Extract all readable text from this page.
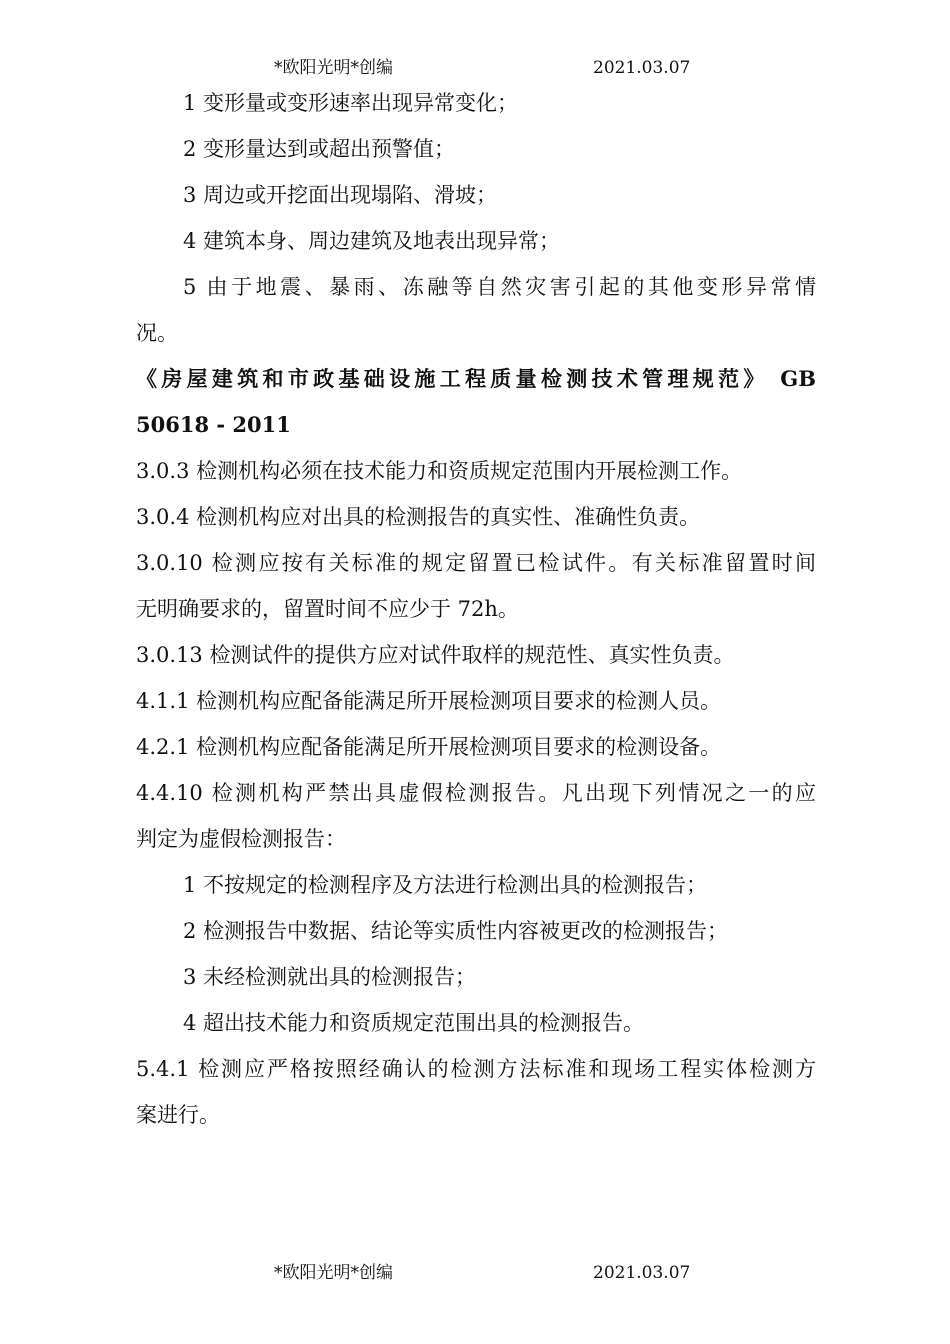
*欧阳光明*创编	2021.03.07
1 变形量或变形速率出现异常变化；
2 变形量达到或超出预警值；
3 周边或开挖面出现塌陷、滑坡；
4 建筑本身、周边建筑及地表出现异常；
5 由于地震、暴雨、冻融等自然灾害引起的其他变形异常情
况。
《房屋建筑和市政基础设施工程质量检测技术管理规范》 GB
50618 - 2011
3.0.3 检测机构必须在技术能力和资质规定范围内开展检测工作。
3.0.4 检测机构应对出具的检测报告的真实性、准确性负责。
3.0.10 检测应按有关标准的规定留置已检试件。有关标准留置时间
无明确要求的，留置时间不应少于 72h。
3.0.13 检测试件的提供方应对试件取样的规范性、真实性负责。
4.1.1 检测机构应配备能满足所开展检测项目要求的检测人员。
4.2.1 检测机构应配备能满足所开展检测项目要求的检测设备。
4.4.10 检测机构严禁出具虚假检测报告。凡出现下列情况之一的应
判定为虚假检测报告：
1 不按规定的检测程序及方法进行检测出具的检测报告；
2 检测报告中数据、结论等实质性内容被更改的检测报告；
3 未经检测就出具的检测报告；
4 超出技术能力和资质规定范围出具的检测报告。
5.4.1 检测应严格按照经确认的检测方法标准和现场工程实体检测方
案进行。
*欧阳光明*创编	2021.03.07
